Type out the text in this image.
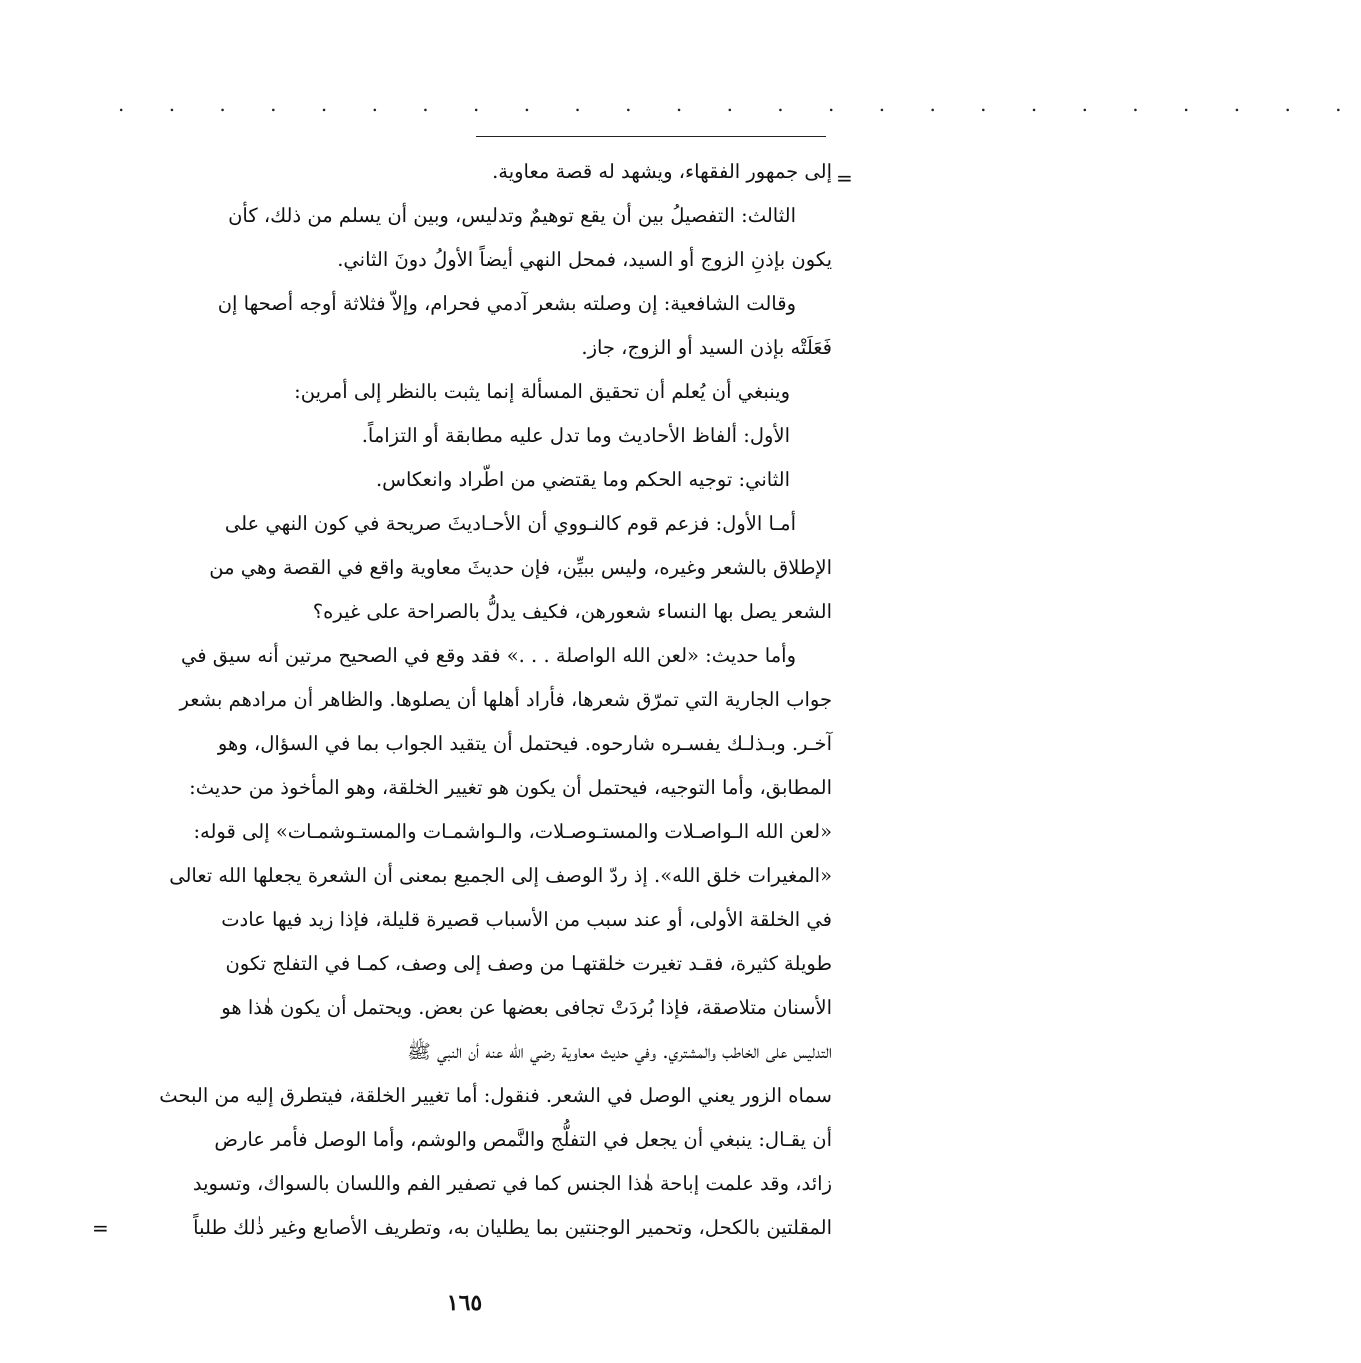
. . . . . . . . . . . . . . . . . . . . . . . . .
=
إلى جمهور الفقهاء، ويشهد له قصة معاوية.
الثالث: التفصيلُ بين أن يقع توهيمٌ وتدليس، وبين أن يسلم من ذلك، كأن
يكون بإذنِ الزوج أو السيد، فمحل النهي أيضاً الأولُ دونَ الثاني.
وقالت الشافعية: إن وصلته بشعر آدمي فحرام، وإلاّ فثلاثة أوجه أصحها إن
فَعَلَتْه بإذن السيد أو الزوج، جاز.
وينبغي أن يُعلم أن تحقيق المسألة إنما يثبت بالنظر إلى أمرين:
الأول: ألفاظ الأحاديث وما تدل عليه مطابقة أو التزاماً.
الثاني: توجيه الحكم وما يقتضي من اطّراد وانعكاس.
أمـا الأول: فزعم قوم كالنـووي أن الأحـاديثَ صريحة في كون النهي على
الإطلاق بالشعر وغيره، وليس ببيِّن، فإن حديثَ معاوية واقع في القصة وهي من
الشعر يصل بها النساء شعورهن، فكيف يدلُّ بالصراحة على غيره؟
وأما حديث: «لعن الله الواصلة . . .» فقد وقع في الصحيح مرتين أنه سيق في
جواب الجارية التي تمرّق شعرها، فأراد أهلها أن يصلوها. والظاهر أن مرادهم بشعر
آخـر. وبـذلـك يفسـره شارحوه. فيحتمل أن يتقيد الجواب بما في السؤال، وهو
المطابق، وأما التوجيه، فيحتمل أن يكون هو تغيير الخلقة، وهو المأخوذ من حديث:
«لعن الله الـواصـلات والمستـوصـلات، والـواشمـات والمستـوشمـات» إلى قوله:
«المغيرات خلق الله». إذ ردّ الوصف إلى الجميع بمعنى أن الشعرة يجعلها الله تعالى
في الخلقة الأولى، أو عند سبب من الأسباب قصيرة قليلة، فإذا زيد فيها عادت
طويلة كثيرة، فقـد تغيرت خلقتهـا من وصف إلى وصف، كمـا في التفلج تكون
الأسنان متلاصقة، فإذا بُردَتْ تجافى بعضها عن بعض. ويحتمل أن يكون هٰذا هو
التدليس على الخاطب والمشتري. وفي حديث معاوية رضي الله عنه أن النبي ﷺ
سماه الزور يعني الوصل في الشعر. فنقول: أما تغيير الخلقة، فيتطرق إليه من البحث
أن يقـال: ينبغي أن يجعل في التفلُّج والنَّمص والوشم، وأما الوصل فأمر عارض
زائد، وقد علمت إباحة هٰذا الجنس كما في تصفير الفم واللسان بالسواك، وتسويد
المقلتين بالكحل، وتحمير الوجنتين بما يطليان به، وتطريف الأصابع وغير ذٰلك طلباً
=
١٦٥
